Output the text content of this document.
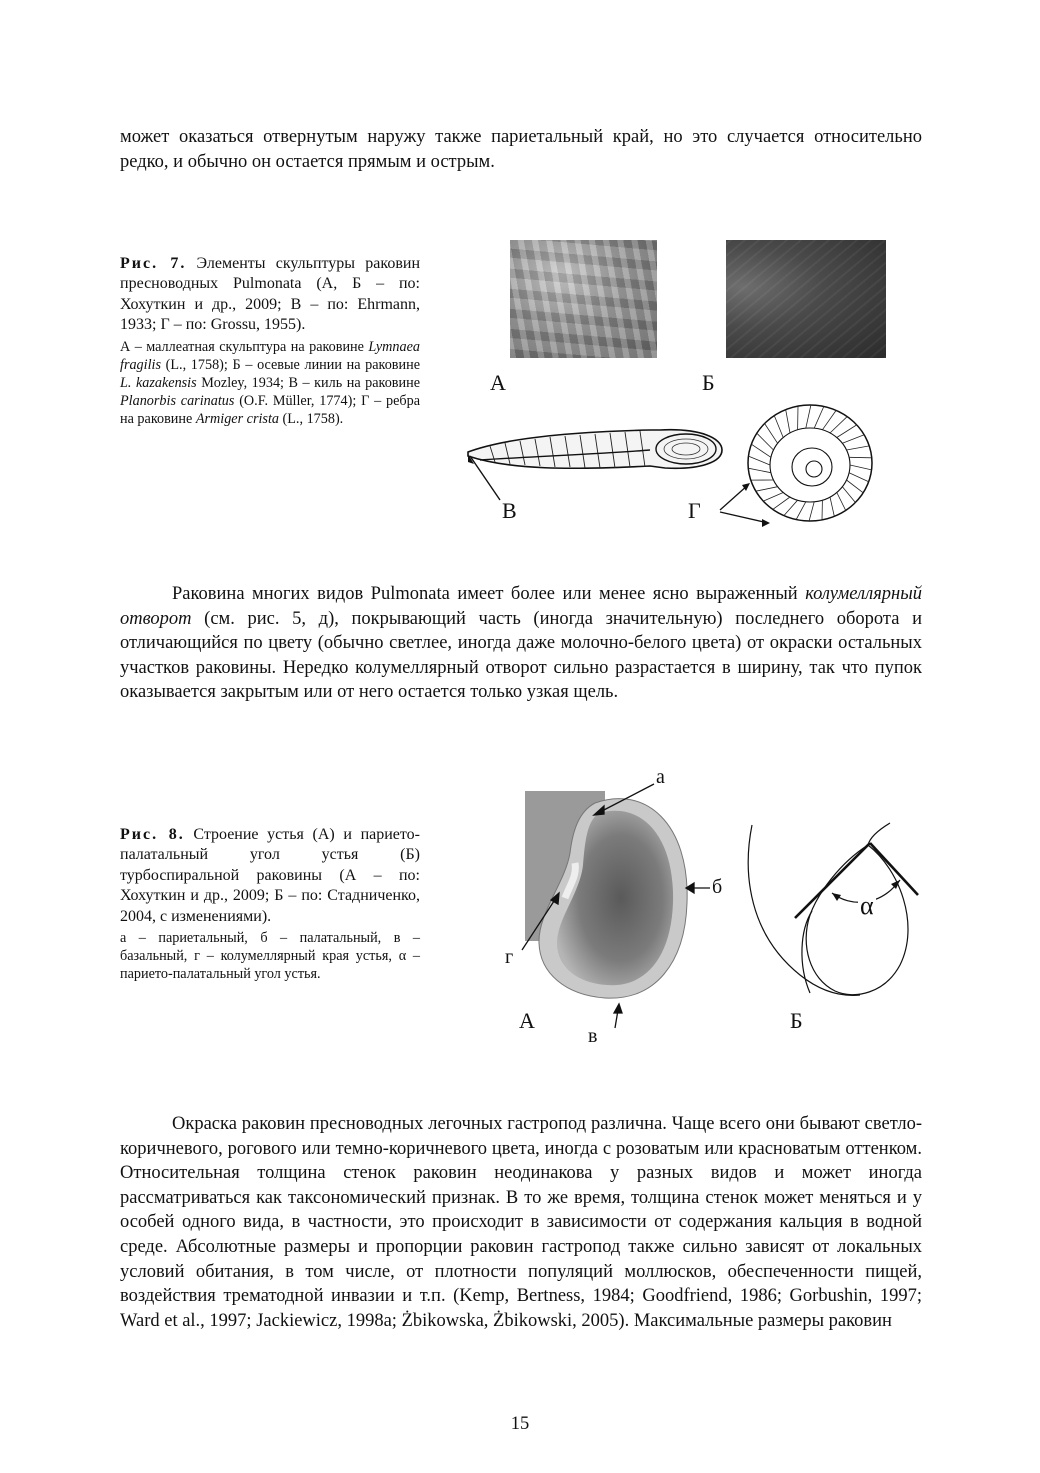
может оказаться отвернутым наружу также париетальный край, но это случается относительно редко, и обычно он остается прямым и острым.

Рис. 7. Элементы скульптуры раковин пресноводных Pulmonata (А, Б – по: Хохуткин и др., 2009; В – по: Ehrmann, 1933; Г – по: Grossu, 1955).

А – маллеатная скульптура на раковине Lymnaea fragilis (L., 1758); Б – осевые линии на раковине L. kazakensis Mozley, 1934; В – киль на раковине Planorbis carinatus (O.F. Müller, 1774); Г – ребра на раковине Armiger crista (L., 1758).

А	Б
В	Г

Раковина многих видов Pulmonata имеет более или менее ясно выраженный колумеллярный отворот (см. рис. 5, д), покрывающий часть (иногда значительную) последнего оборота и отличающийся по цвету (обычно светлее, иногда даже молочно-белого цвета) от окраски остальных участков раковины. Нередко колумеллярный отворот сильно разрастается в ширину, так что пупок оказывается закрытым или от него остается только узкая щель.

Рис. 8. Строение устья (А) и парието-палатальный угол устья (Б) турбоспиральной раковины (А – по: Хохуткин и др., 2009; Б – по: Стадниченко, 2004, с изменениями).

а – париетальный, б – палатальный, в – базальный, г – колумеллярный края устья, α – парието-палатальный угол устья.

А
а
б
в
г
α
Б

Окраска раковин пресноводных легочных гастропод различна. Чаще всего они бывают светло-коричневого, рогового или темно-коричневого цвета, иногда с розоватым или красноватым оттенком. Относительная толщина стенок раковин неодинакова у разных видов и может иногда рассматриваться как таксономический признак. В то же время, толщина стенок может меняться и у особей одного вида, в частности, это происходит в зависимости от содержания кальция в водной среде. Абсолютные размеры и пропорции раковин гастропод также сильно зависят от локальных условий обитания, в том числе, от плотности популяций моллюсков, обеспеченности пищей, воздействия трематодной инвазии и т.п. (Kemp, Bertness, 1984; Goodfriend, 1986; Gorbushin, 1997; Ward et al., 1997; Jackiewicz, 1998a; Żbikowska, Żbikowski, 2005). Максимальные размеры раковин

15
